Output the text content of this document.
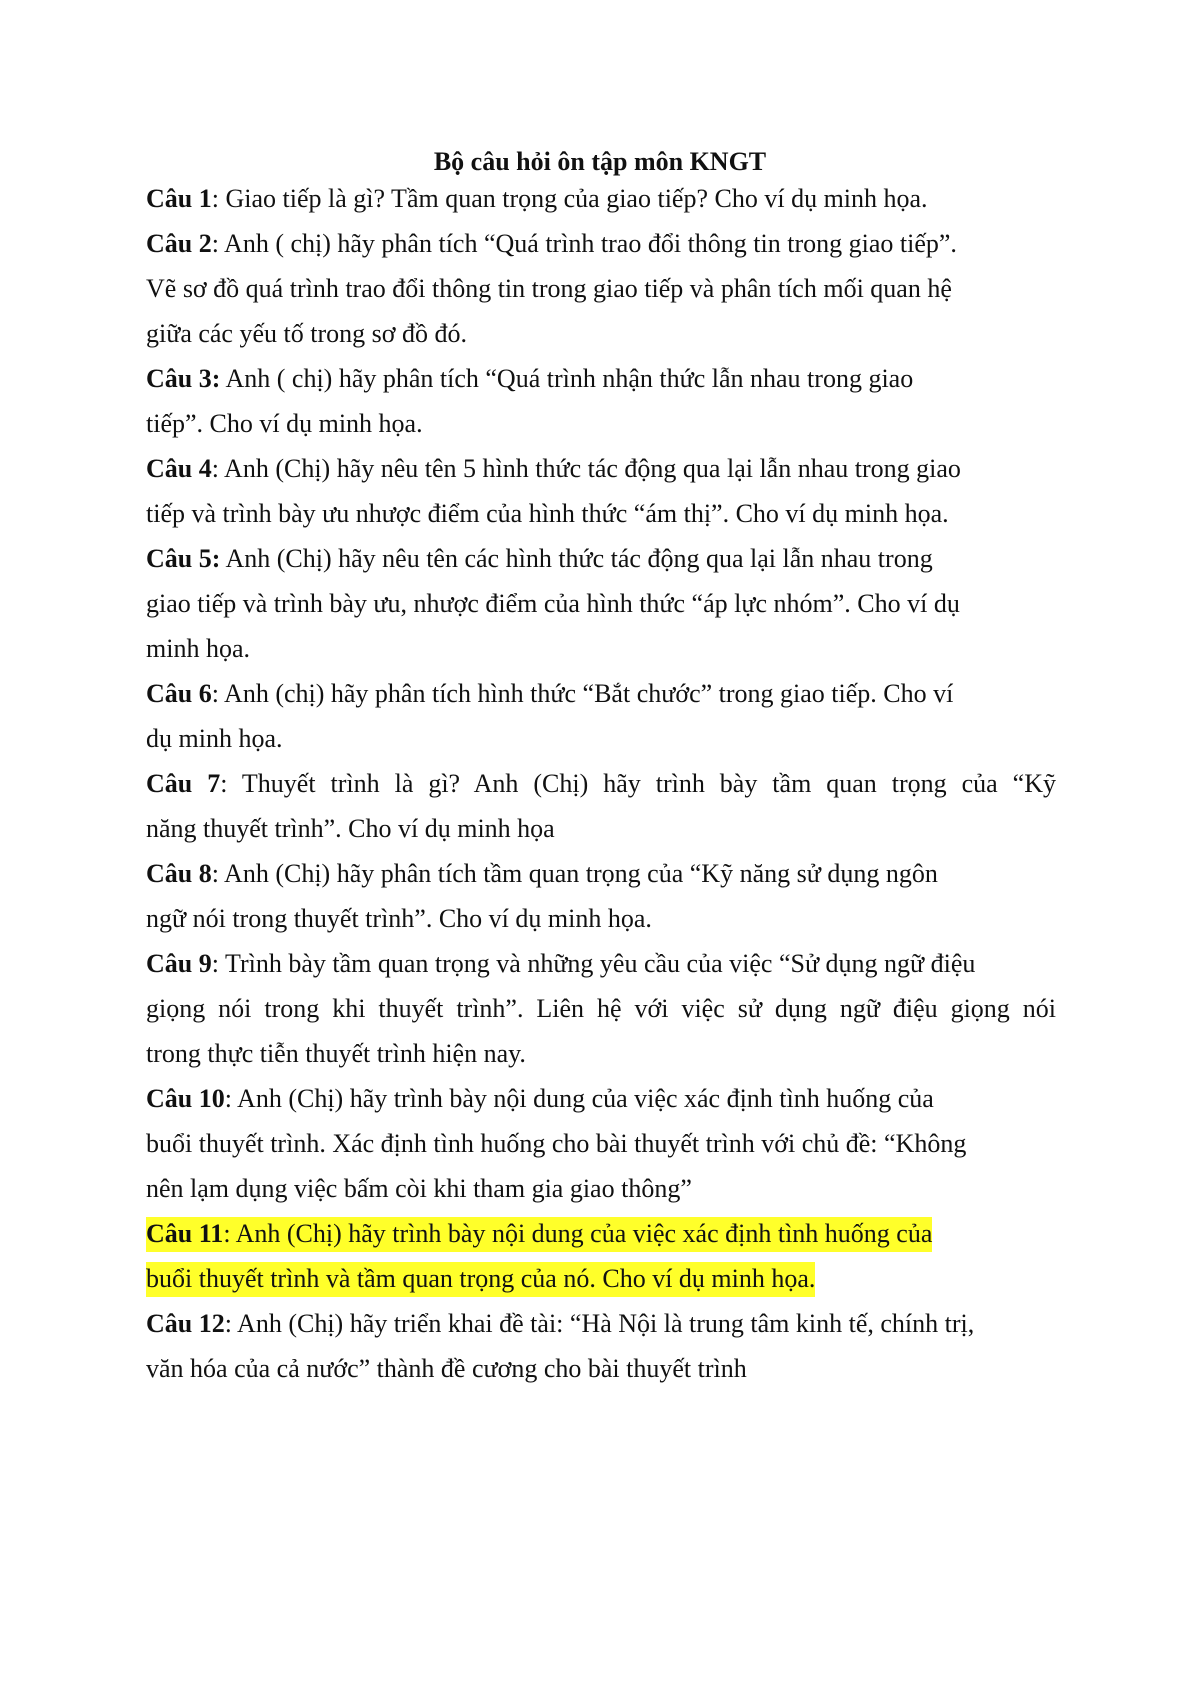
Bộ câu hỏi ôn tập môn KNGT
Câu 1: Giao tiếp là gì? Tầm quan trọng của giao tiếp? Cho ví dụ minh họa.
Câu 2: Anh ( chị) hãy phân tích “Quá trình trao đổi thông tin trong giao tiếp”.
Vẽ sơ đồ quá trình trao đổi thông tin trong giao tiếp và phân tích mối quan hệ
giữa các yếu tố trong sơ đồ đó.
Câu 3: Anh ( chị) hãy phân tích “Quá trình nhận thức lẫn nhau trong giao
tiếp”. Cho ví dụ minh họa.
Câu 4: Anh (Chị) hãy nêu tên 5 hình thức tác động qua lại lẫn nhau trong giao
tiếp và trình bày ưu nhược điểm của hình thức “ám thị”. Cho ví dụ minh họa.
Câu 5: Anh (Chị) hãy nêu tên các hình thức tác động qua lại lẫn nhau trong
giao tiếp và trình bày ưu, nhược điểm của hình thức “áp lực nhóm”. Cho ví dụ
minh họa.
Câu 6: Anh (chị) hãy phân tích hình thức “Bắt chước” trong giao tiếp. Cho ví
dụ minh họa.
Câu 7: Thuyết trình là gì? Anh (Chị) hãy trình bày tầm quan trọng của “Kỹ
năng thuyết trình”. Cho ví dụ minh họa
Câu 8: Anh (Chị) hãy phân tích tầm quan trọng của “Kỹ năng sử dụng ngôn
ngữ nói trong thuyết trình”. Cho ví dụ minh họa.
Câu 9: Trình bày tầm quan trọng và những yêu cầu của việc “Sử dụng ngữ điệu
giọng nói trong khi thuyết trình”. Liên hệ với việc sử dụng ngữ điệu giọng nói
trong thực tiễn thuyết trình hiện nay.
Câu 10: Anh (Chị) hãy trình bày nội dung của việc xác định tình huống của
buổi thuyết trình. Xác định tình huống cho bài thuyết trình với chủ đề: “Không
nên lạm dụng việc bấm còi khi tham gia giao thông”
Câu 11: Anh (Chị) hãy trình bày nội dung của việc xác định tình huống của
buổi thuyết trình và tầm quan trọng của nó. Cho ví dụ minh họa.
Câu 12: Anh (Chị) hãy triển khai đề tài: “Hà Nội là trung tâm kinh tế, chính trị,
văn hóa của cả nước” thành đề cương cho bài thuyết trình
